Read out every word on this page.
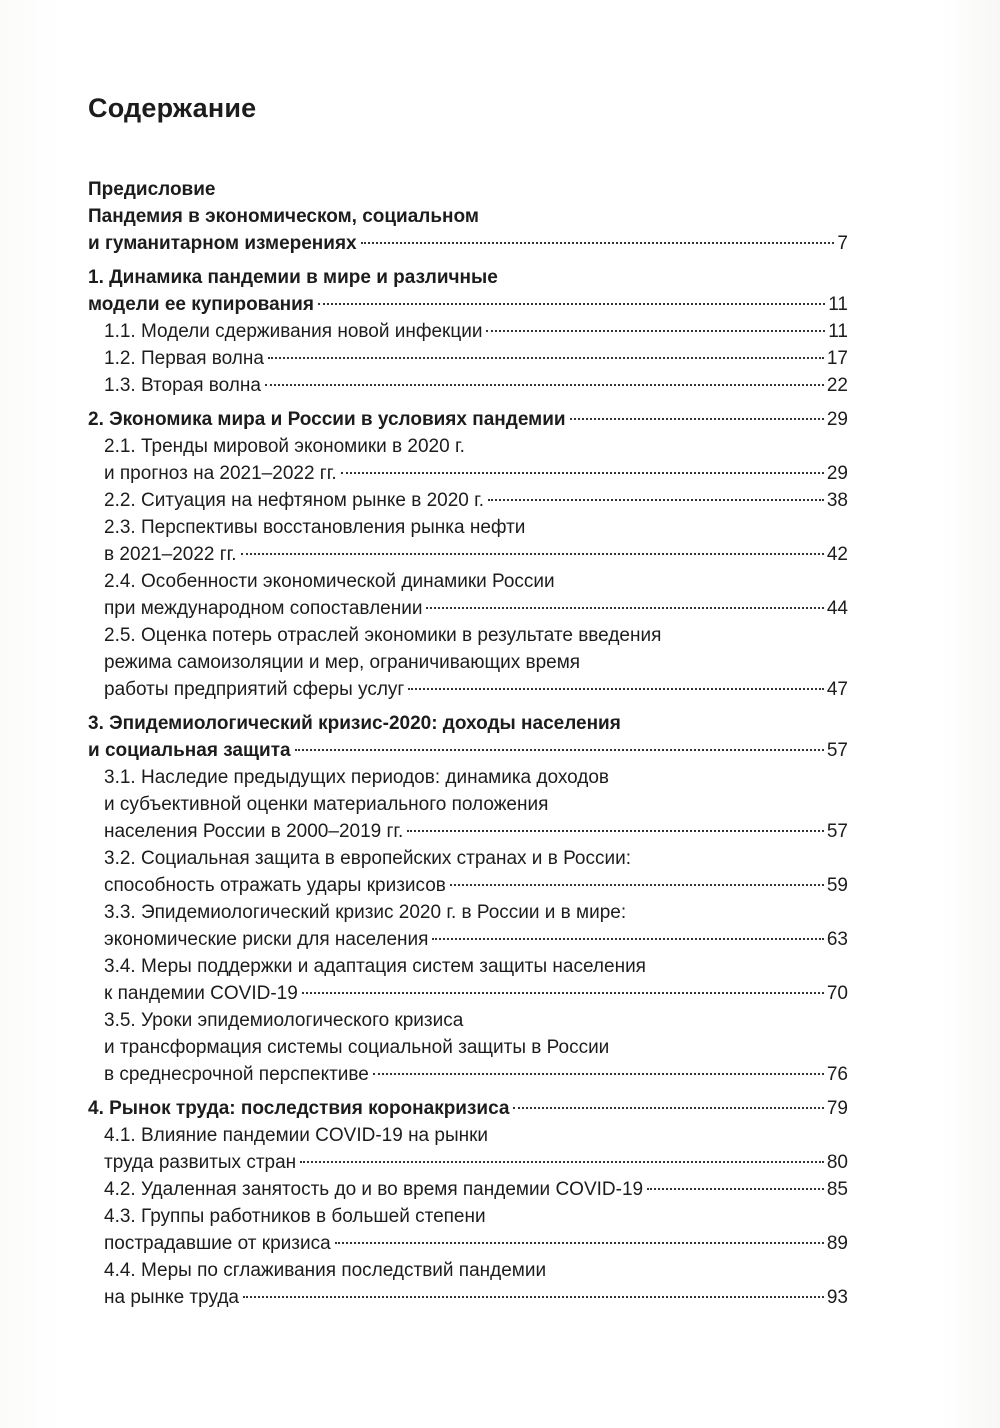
Содержание
Предисловие
Пандемия в экономическом, социальном
и гуманитарном измерениях	7
1. Динамика пандемии в мире и различные
модели ее купирования	11
1.1. Модели сдерживания новой инфекции	11
1.2. Первая волна	17
1.3. Вторая волна	22
2. Экономика мира и России в условиях пандемии	29
2.1. Тренды мировой экономики в 2020 г.
и прогноз на 2021–2022 гг.	29
2.2. Ситуация на нефтяном рынке в 2020 г.	38
2.3. Перспективы восстановления рынка нефти
в 2021–2022 гг.	42
2.4. Особенности экономической динамики России
при международном сопоставлении	44
2.5. Оценка потерь отраслей экономики в результате введения
режима самоизоляции и мер, ограничивающих время
работы предприятий сферы услуг	47
3. Эпидемиологический кризис-2020: доходы населения
и социальная защита	57
3.1. Наследие предыдущих периодов: динамика доходов
и субъективной оценки материального положения
населения России в 2000–2019 гг.	57
3.2. Социальная защита в европейских странах и в России:
способность отражать удары кризисов	59
3.3. Эпидемиологический кризис 2020 г. в России и в мире:
экономические риски для населения	63
3.4. Меры поддержки и адаптация систем защиты населения
к пандемии COVID-19	70
3.5. Уроки эпидемиологического кризиса
и трансформация системы социальной защиты в России
в среднесрочной перспективе	76
4. Рынок труда: последствия коронакризиса	79
4.1. Влияние пандемии COVID-19 на рынки
труда развитых стран	80
4.2. Удаленная занятость до и во время пандемии COVID-19	85
4.3. Группы работников в большей степени
пострадавшие от кризиса	89
4.4. Меры по сглаживания последствий пандемии
на рынке труда	93
